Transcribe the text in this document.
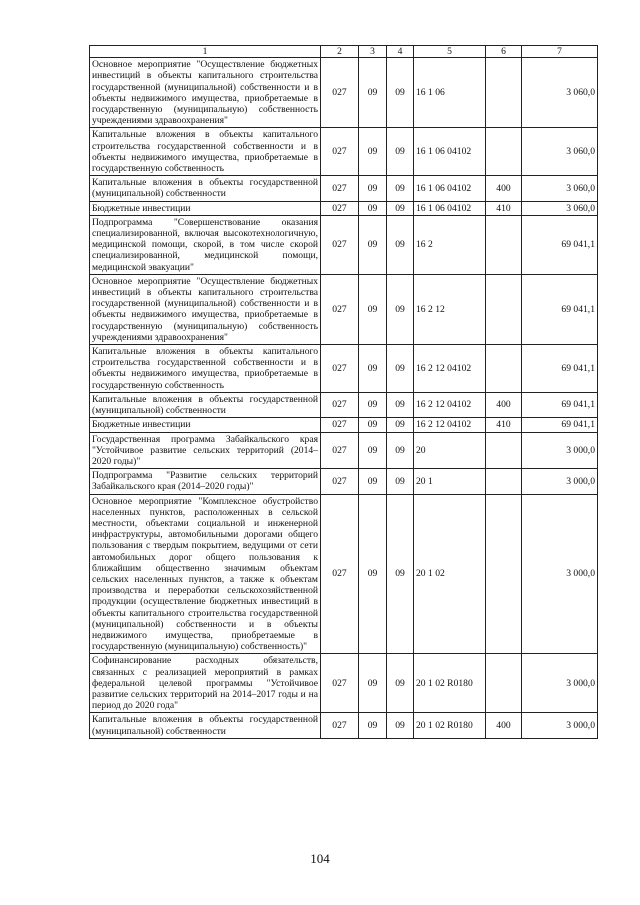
1	2	3	4	5	6	7
Основное мероприятие "Осуществление бюджетных инвестиций в объекты капитального строительства государственной (муниципальной) собственности и в объекты недвижимого имущества, приобретаемые в государственную (муниципальную) собственность учреждениями здравоохранения"	027	09	09	16 1 06		3 060,0
Капитальные вложения в объекты капитального строительства государственной собственности и в объекты недвижимого имущества, приобретаемые в государственную собственность	027	09	09	16 1 06 04102		3 060,0
Капитальные вложения в объекты государственной (муниципальной) собственности	027	09	09	16 1 06 04102	400	3 060,0
Бюджетные инвестиции	027	09	09	16 1 06 04102	410	3 060,0
Подпрограмма "Совершенствование оказания специализированной, включая высокотехнологичную, медицинской помощи, скорой, в том числе скорой специализированной, медицинской помощи, медицинской эвакуации"	027	09	09	16 2		69 041,1
Основное мероприятие "Осуществление бюджетных инвестиций в объекты капитального строительства государственной (муниципальной) собственности и в объекты недвижимого имущества, приобретаемые в государственную (муниципальную) собственность учреждениями здравоохранения"	027	09	09	16 2 12		69 041,1
Капитальные вложения в объекты капитального строительства государственной собственности и в объекты недвижимого имущества, приобретаемые в государственную собственность	027	09	09	16 2 12 04102		69 041,1
Капитальные вложения в объекты государственной (муниципальной) собственности	027	09	09	16 2 12 04102	400	69 041,1
Бюджетные инвестиции	027	09	09	16 2 12 04102	410	69 041,1
Государственная программа Забайкальского края "Устойчивое развитие сельских территорий (2014–2020 годы)"	027	09	09	20		3 000,0
Подпрограмма "Развитие сельских территорий Забайкальского края (2014–2020 годы)"	027	09	09	20 1		3 000,0
Основное мероприятие "Комплексное обустройство населенных пунктов, расположенных в сельской местности, объектами социальной и инженерной инфраструктуры, автомобильными дорогами общего пользования с твердым покрытием, ведущими от сети автомобильных дорог общего пользования к ближайшим общественно значимым объектам сельских населенных пунктов, а также к объектам производства и переработки сельскохозяйственной продукции (осуществление бюджетных инвестиций в объекты капитального строительства государственной (муниципальной) собственности и в объекты недвижимого имущества, приобретаемые в государственную (муниципальную) собственность)"	027	09	09	20 1 02		3 000,0
Софинансирование расходных обязательств, связанных с реализацией мероприятий в рамках федеральной целевой программы "Устойчивое развитие сельских территорий на 2014–2017 годы и на период до 2020 года"	027	09	09	20 1 02 R0180		3 000,0
Капитальные вложения в объекты государственной (муниципальной) собственности	027	09	09	20 1 02 R0180	400	3 000,0
104
